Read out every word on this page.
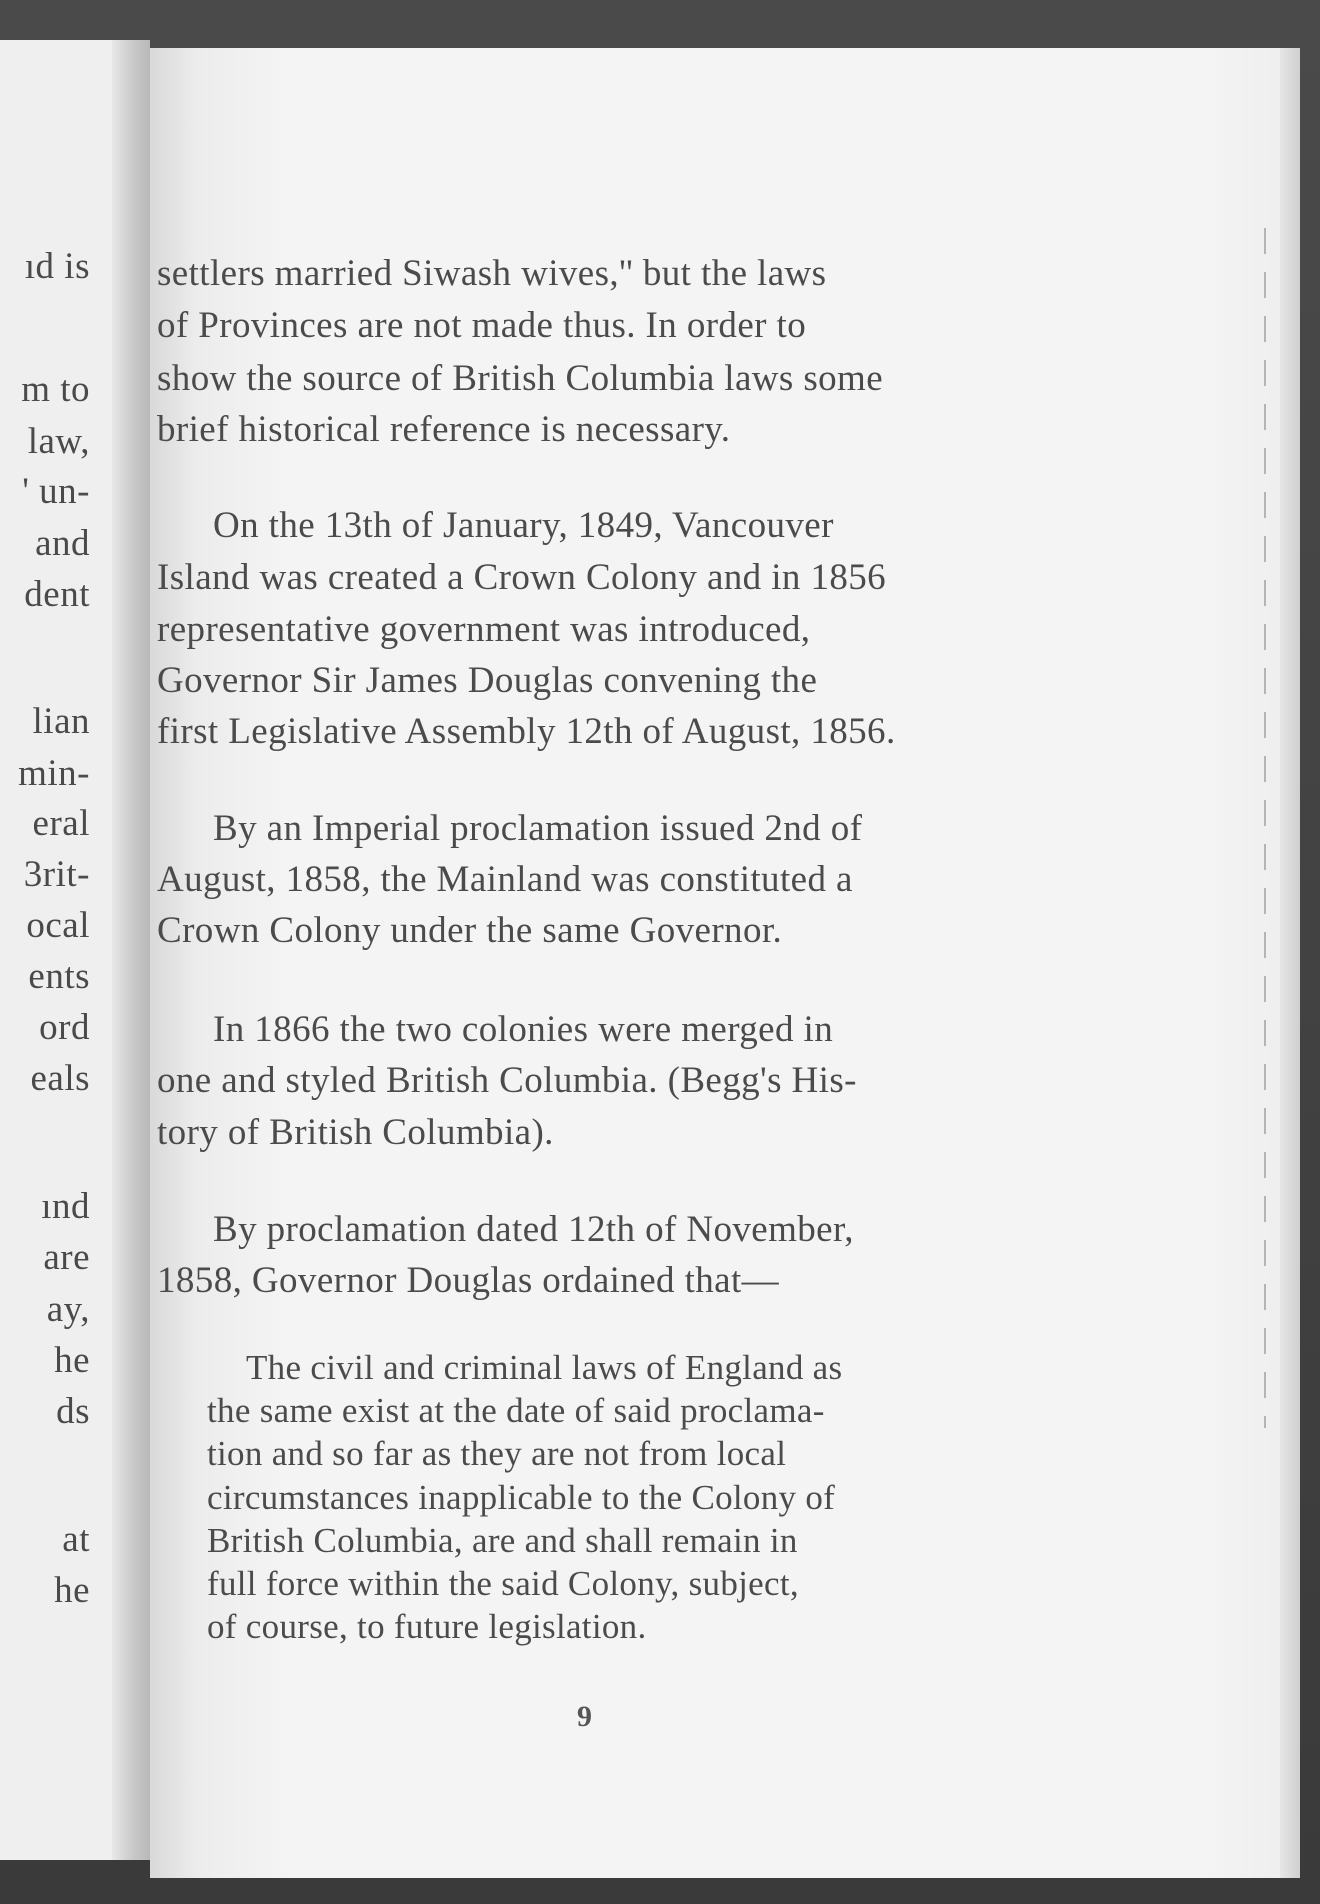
ıd is
m to
law,
' un-
and
dent
lian
min-
eral
3rit-
ocal
ents
ord
eals
ınd
are
ay,
he
ds
at
he
settlers married Siwash wives,'' but the laws
of Provinces are not made thus. In order to
show the source of British Columbia laws some
brief historical reference is necessary.
On the 13th of January, 1849, Vancouver
Island was created a Crown Colony and in 1856
representative government was introduced,
Governor Sir James Douglas convening the
first Legislative Assembly 12th of August, 1856.
By an Imperial proclamation issued 2nd of
August, 1858, the Mainland was constituted a
Crown Colony under the same Governor.
In 1866 the two colonies were merged in
one and styled British Columbia. (Begg's His-
tory of British Columbia).
By proclamation dated 12th of November,
1858, Governor Douglas ordained that—
The civil and criminal laws of England as
the same exist at the date of said proclama-
tion and so far as they are not from local
circumstances inapplicable to the Colony of
British Columbia, are and shall remain in
full force within the said Colony, subject,
of course, to future legislation.
9
